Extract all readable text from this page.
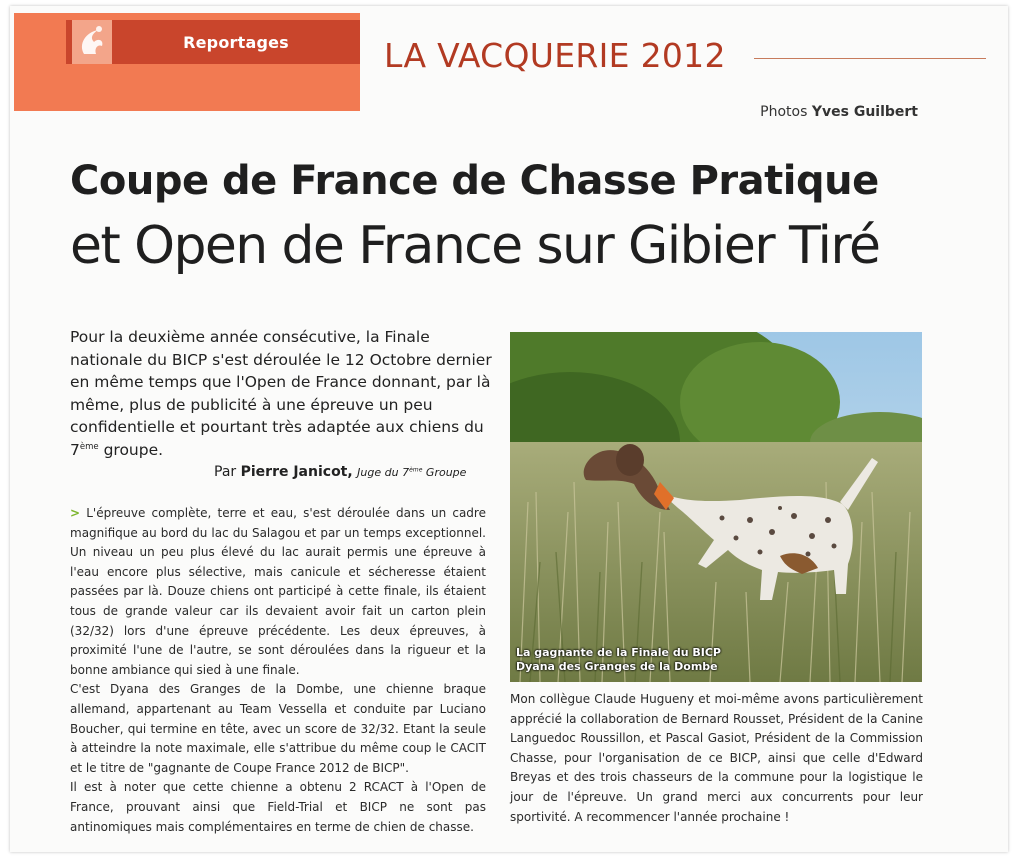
Reportages	LA VACQUERIE 2012
Photos Yves Guilbert
Coupe de France de Chasse Pratique
et Open de France sur Gibier Tiré

Pour la deuxième année consécutive, la Finale nationale du BICP s'est déroulée le 12 Octobre dernier en même temps que l'Open de France donnant, par là même, plus de publicité à une épreuve un peu confidentielle et pourtant très adaptée aux chiens du 7ème groupe.

Par Pierre Janicot, Juge du 7ème Groupe

> L'épreuve complète, terre et eau, s'est déroulée dans un cadre magnifique au bord du lac du Salagou et par un temps exceptionnel. Un niveau un peu plus élevé du lac aurait permis une épreuve à l'eau encore plus sélective, mais canicule et sécheresse étaient passées par là. Douze chiens ont participé à cette finale, ils étaient tous de grande valeur car ils devaient avoir fait un carton plein (32/32) lors d'une épreuve précédente. Les deux épreuves, à proximité l'une de l'autre, se sont déroulées dans la rigueur et la bonne ambiance qui sied à une finale.

C'est Dyana des Granges de la Dombe, une chienne braque allemand, appartenant au Team Vessella et conduite par Luciano Boucher, qui termine en tête, avec un score de 32/32. Etant la seule à atteindre la note maximale, elle s'attribue du même coup le CACIT et le titre de "gagnante de Coupe France 2012 de BICP".

Il est à noter que cette chienne a obtenu 2 RCACT à l'Open de France, prouvant ainsi que Field-Trial et BICP ne sont pas antinomiques mais complémentaires en terme de chien de chasse.

La gagnante de la Finale du BICP
Dyana des Granges de la Dombe

Mon collègue Claude Hugueny et moi-même avons particulièrement apprécié la collaboration de Bernard Rousset, Président de la Canine Languedoc Roussillon, et Pascal Gasiot, Président de la Commission Chasse, pour l'organisation de ce BICP, ainsi que celle d'Edward Breyas et des trois chasseurs de la commune pour la logistique le jour de l'épreuve. Un grand merci aux concurrents pour leur sportivité. A recommencer l'année prochaine !
